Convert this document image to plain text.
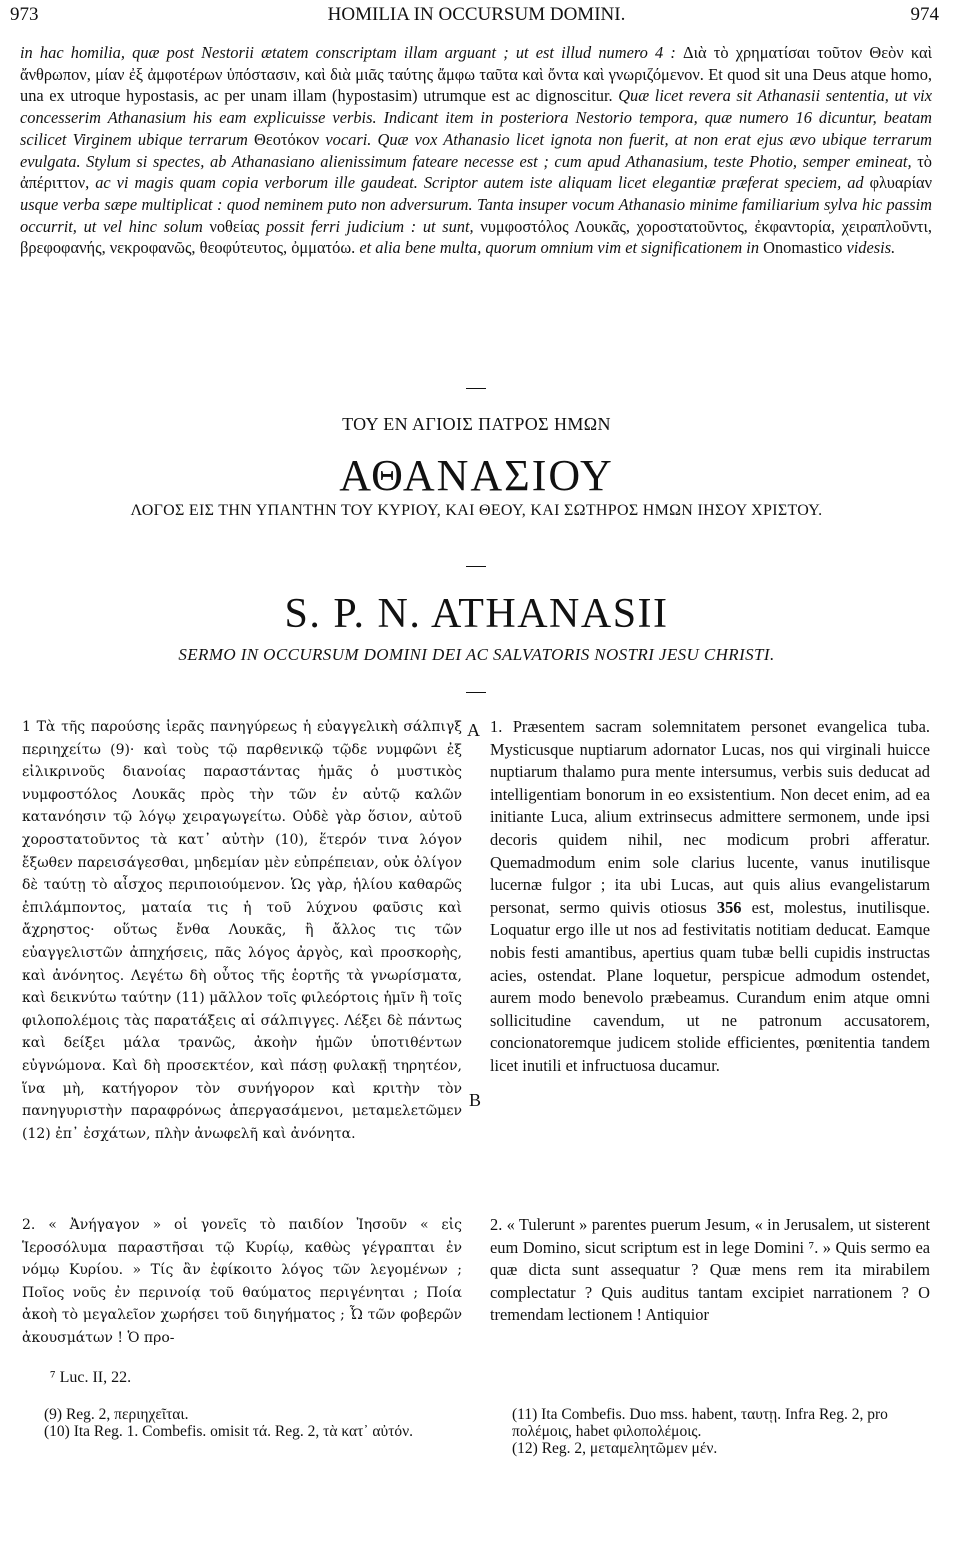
973	HOMILIA IN OCCURSUM DOMINI.	974

in hac homilia, quæ post Nestorii ætatem conscriptam illam arguant ; ut est illud numero 4 : Διὰ τὸ χρηματίσαι τοῦτον Θεὸν καὶ ἄνθρωπον, μίαν ἐξ ἀμφοτέρων ὑπόστασιν, καὶ διὰ μιᾶς ταύτης ἄμφω ταῦτα καὶ ὄντα καὶ γνωριζόμενον. Et quod sit una Deus atque homo, una ex utroque hypostasis, ac per unam illam (hypostasim) utrumque est ac dignoscitur. Quæ licet revera sit Athanasii sententia, ut vix concesserim Athanasium his eam explicuisse verbis. Indicant item in posteriora Nestorio tempora, quæ numero 16 dicuntur, beatam scilicet Virginem ubique terrarum Θεοτόκον vocari. Quæ vox Athanasio licet ignota non fuerit, at non erat ejus ævo ubique terrarum evulgata. Stylum si spectes, ab Athanasiano alienissimum fateare necesse est ; cum apud Athanasium, teste Photio, semper emineat, τὸ ἀπέριττον, ac vi magis quam copia verborum ille gaudeat. Scriptor autem iste aliquam licet elegantiæ præferat speciem, ad φλυαρίαν usque verba sæpe multiplicat : quod neminem puto non adversurum. Tanta insuper vocum Athanasio minime familiarium sylva hic passim occurrit, ut vel hinc solum νοθείας possit ferri judicium : ut sunt, νυμφοστόλος Λουκᾶς, χοροστατοῦντος, ἐκφαντορία, χειραπλοῦντι, βρεφοφανής, νεκροφανῶς, θεοφύτευτος, ὀμματόω. et alia bene multa, quorum omnium vim et significationem in Onomastico videsis.

ΤΟΥ ΕΝ ΑΓΙΟΙΣ ΠΑΤΡΟΣ ΗΜΩΝ

ΑΘΑΝΑΣΙΟΥ

ΛΟΓΟΣ ΕΙΣ ΤΗΝ ΥΠΑΝΤΗΝ ΤΟΥ ΚΥΡΙΟΥ, ΚΑΙ ΘΕΟΥ, ΚΑΙ ΣΩΤΗΡΟΣ ΗΜΩΝ ΙΗΣΟΥ ΧΡΙΣΤΟΥ.

S. P. N. ATHANASII

SERMO IN OCCURSUM DOMINI DEI AC SALVATORIS NOSTRI JESU CHRISTI.

1 Τὰ τῆς παρούσης ἱερᾶς πανηγύρεως ἡ εὐαγγελικὴ σάλπιγξ περιηχείτω (9)· καὶ τοὺς τῷ παρθενικῷ τῷδε νυμφῶνι ἐξ εἰλικρινοῦς διανοίας παραστάντας ἡμᾶς ὁ μυστικὸς νυμφοστόλος Λουκᾶς πρὸς τὴν τῶν ἐν αὐτῷ καλῶν κατανόησιν τῷ λόγῳ χειραγωγείτω. Οὐδὲ γὰρ ὅσιον, αὐτοῦ χοροστατοῦντος τὰ κατ᾽ αὐτὴν (10), ἕτερόν τινα λόγον ἔξωθεν παρεισάγεσθαι, μηδεμίαν μὲν εὐπρέπειαν, οὐκ ὀλίγον δὲ ταύτῃ τὸ αἶσχος περιποιούμενον. Ὡς γὰρ, ἡλίου καθαρῶς ἐπιλάμποντος, ματαία τις ἡ τοῦ λύχνου φαῦσις καὶ ἄχρηστος· οὕτως ἔνθα Λουκᾶς, ἢ ἄλλος τις τῶν εὐαγγελιστῶν ἀπηχήσεις, πᾶς λόγος ἀργὸς, καὶ προσκορὴς, καὶ ἀνόνητος. Λεγέτω δὴ οὗτος τῆς ἑορτῆς τὰ γνωρίσματα, καὶ δεικνύτω ταύτην (11) μᾶλλον τοῖς φιλεόρτοις ἡμῖν ἢ τοῖς φιλοπολέμοις τὰς παρατάξεις αἱ σάλπιγγες. Λέξει δὲ πάντως καὶ δείξει μάλα τρανῶς, ἀκοὴν ἡμῶν ὑποτιθέντων εὐγνώμονα. Καὶ δὴ προσεκτέον, καὶ πάσῃ φυλακῇ τηρητέον, ἵνα μὴ, κατήγορον τὸν συνήγορον καὶ κριτὴν τὸν πανηγυριστὴν παραφρόνως ἀπεργασάμενοι, μεταμελετῶμεν (12) ἐπ᾽ ἐσχάτων, πλὴν ἀνωφελῆ καὶ ἀνόνητα.

1. Præsentem sacram solemnitatem personet evangelica tuba. Mysticusque nuptiarum adornator Lucas, nos qui virginali huicce nuptiarum thalamo pura mente intersumus, verbis suis deducat ad intelligentiam bonorum in eo exsistentium. Non decet enim, ad ea initiante Luca, alium extrinsecus admittere sermonem, unde ipsi decoris quidem nihil, nec modicum probri afferatur. Quemadmodum enim sole clarius lucente, vanus inutilisque lucernæ fulgor ; ita ubi Lucas, aut quis alius evangelistarum personat, sermo quivis otiosus 356 est, molestus, inutilisque. Loquatur ergo ille ut nos ad festivitatis notitiam deducat. Eamque nobis festi amantibus, apertius quam tubæ belli cupidis instructas acies, ostendat. Plane loquetur, perspicue admodum ostendet, aurem modo benevolo præbeamus. Curandum enim atque omni sollicitudine cavendum, ut ne patronum accusatorem, concionatoremque judicem stolide efficientes, pœnitentia tandem licet inutili et infructuosa ducamur.

A
B

2. « Ἀνήγαγον » οἱ γονεῖς τὸ παιδίον Ἰησοῦν « εἰς Ἱεροσόλυμα παραστῆσαι τῷ Κυρίῳ, καθὼς γέγραπται ἐν νόμῳ Κυρίου. » Τίς ἂν ἐφίκοιτο λόγος τῶν λεγομένων ; Ποῖος νοῦς ἐν περινοίᾳ τοῦ θαύματος περιγένηται ; Ποία ἀκοὴ τὸ μεγαλεῖον χωρήσει τοῦ διηγήματος ; Ὦ τῶν φοβερῶν ἀκουσμάτων ! Ὁ προ-

2. « Tulerunt » parentes puerum Jesum, « in Jerusalem, ut sisterent eum Domino, sicut scriptum est in lege Domini ⁷. » Quis sermo ea quæ dicta sunt assequatur ? Quæ mens rem ita mirabilem complectatur ? Quis auditus tantam excipiet narrationem ? O tremendam lectionem ! Antiquior

⁷ Luc. II, 22.

(9) Reg. 2, περιηχεῖται.
(10) Ita Reg. 1. Combefis. omisit τά. Reg. 2, τὰ κατ᾽ αὐτόν.
(11) Ita Combefis. Duo mss. habent, ταυτῃ. Infra Reg. 2, pro πολέμοις, habet φιλοπολέμοις.
(12) Reg. 2, μεταμελητῶμεν μέν.
